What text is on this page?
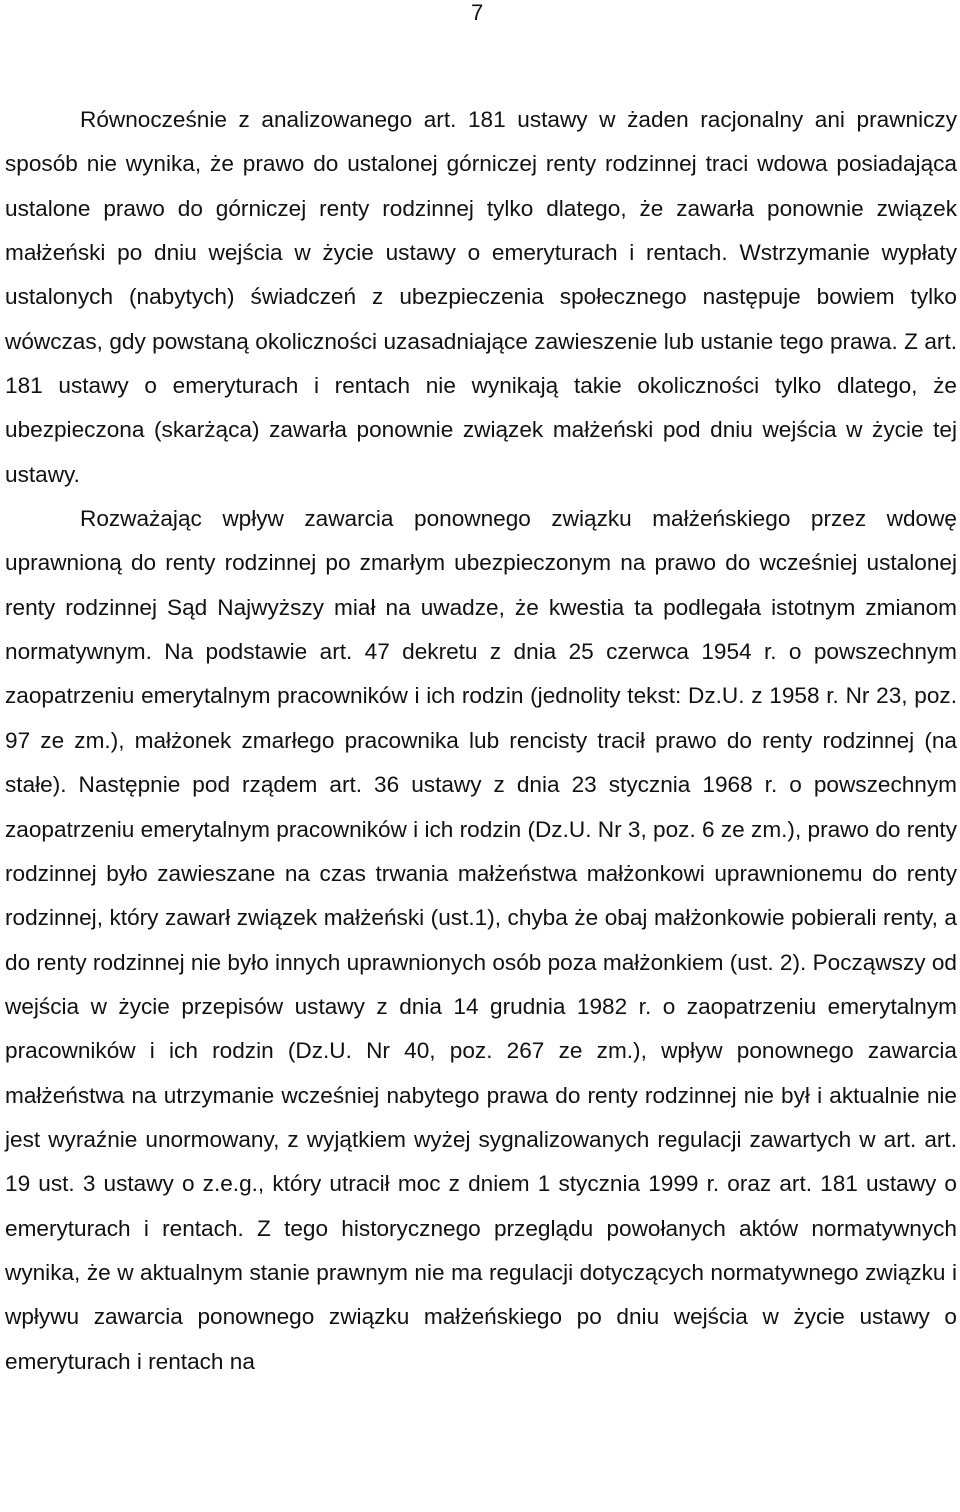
7

Równocześnie z analizowanego art. 181 ustawy w żaden racjonalny ani prawniczy sposób nie wynika, że prawo do ustalonej górniczej renty rodzinnej traci wdowa posiadająca ustalone prawo do górniczej renty rodzinnej tylko dlatego, że zawarła ponownie związek małżeński po dniu wejścia w życie ustawy o emeryturach i rentach. Wstrzymanie wypłaty ustalonych (nabytych) świadczeń z ubezpieczenia społecznego następuje bowiem tylko wówczas, gdy powstaną okoliczności uzasadniające zawieszenie lub ustanie tego prawa. Z art. 181 ustawy o emeryturach i rentach nie wynikają takie okoliczności tylko dlatego, że ubezpieczona (skarżąca) zawarła ponownie związek małżeński pod dniu wejścia w życie tej ustawy.

Rozważając wpływ zawarcia ponownego związku małżeńskiego przez wdowę uprawnioną do renty rodzinnej po zmarłym ubezpieczonym na prawo do wcześniej ustalonej renty rodzinnej Sąd Najwyższy miał na uwadze, że kwestia ta podlegała istotnym zmianom normatywnym. Na podstawie art. 47 dekretu z dnia 25 czerwca 1954 r. o powszechnym zaopatrzeniu emerytalnym pracowników i ich rodzin (jednolity tekst: Dz.U. z 1958 r. Nr 23, poz. 97 ze zm.), małżonek zmarłego pracownika lub rencisty tracił prawo do renty rodzinnej (na stałe). Następnie pod rządem art. 36 ustawy z dnia 23 stycznia 1968 r. o powszechnym zaopatrzeniu emerytalnym pracowników i ich rodzin (Dz.U. Nr 3, poz. 6 ze zm.), prawo do renty rodzinnej było zawieszane na czas trwania małżeństwa małżonkowi uprawnionemu do renty rodzinnej, który zawarł związek małżeński (ust.1), chyba że obaj małżonkowie pobierali renty, a do renty rodzinnej nie było innych uprawnionych osób poza małżonkiem (ust. 2). Począwszy od wejścia w życie przepisów ustawy z dnia 14 grudnia 1982 r. o zaopatrzeniu emerytalnym pracowników i ich rodzin (Dz.U. Nr 40, poz. 267 ze zm.), wpływ ponownego zawarcia małżeństwa na utrzymanie wcześniej nabytego prawa do renty rodzinnej nie był i aktualnie nie jest wyraźnie unormowany, z wyjątkiem wyżej sygnalizowanych regulacji zawartych w art. art. 19 ust. 3 ustawy o z.e.g., który utracił moc z dniem 1 stycznia 1999 r. oraz art. 181 ustawy o emeryturach i rentach. Z tego historycznego przeglądu powołanych aktów normatywnych wynika, że w aktualnym stanie prawnym nie ma regulacji dotyczących normatywnego związku i wpływu zawarcia ponownego związku małżeńskiego po dniu wejścia w życie ustawy o emeryturach i rentach na
